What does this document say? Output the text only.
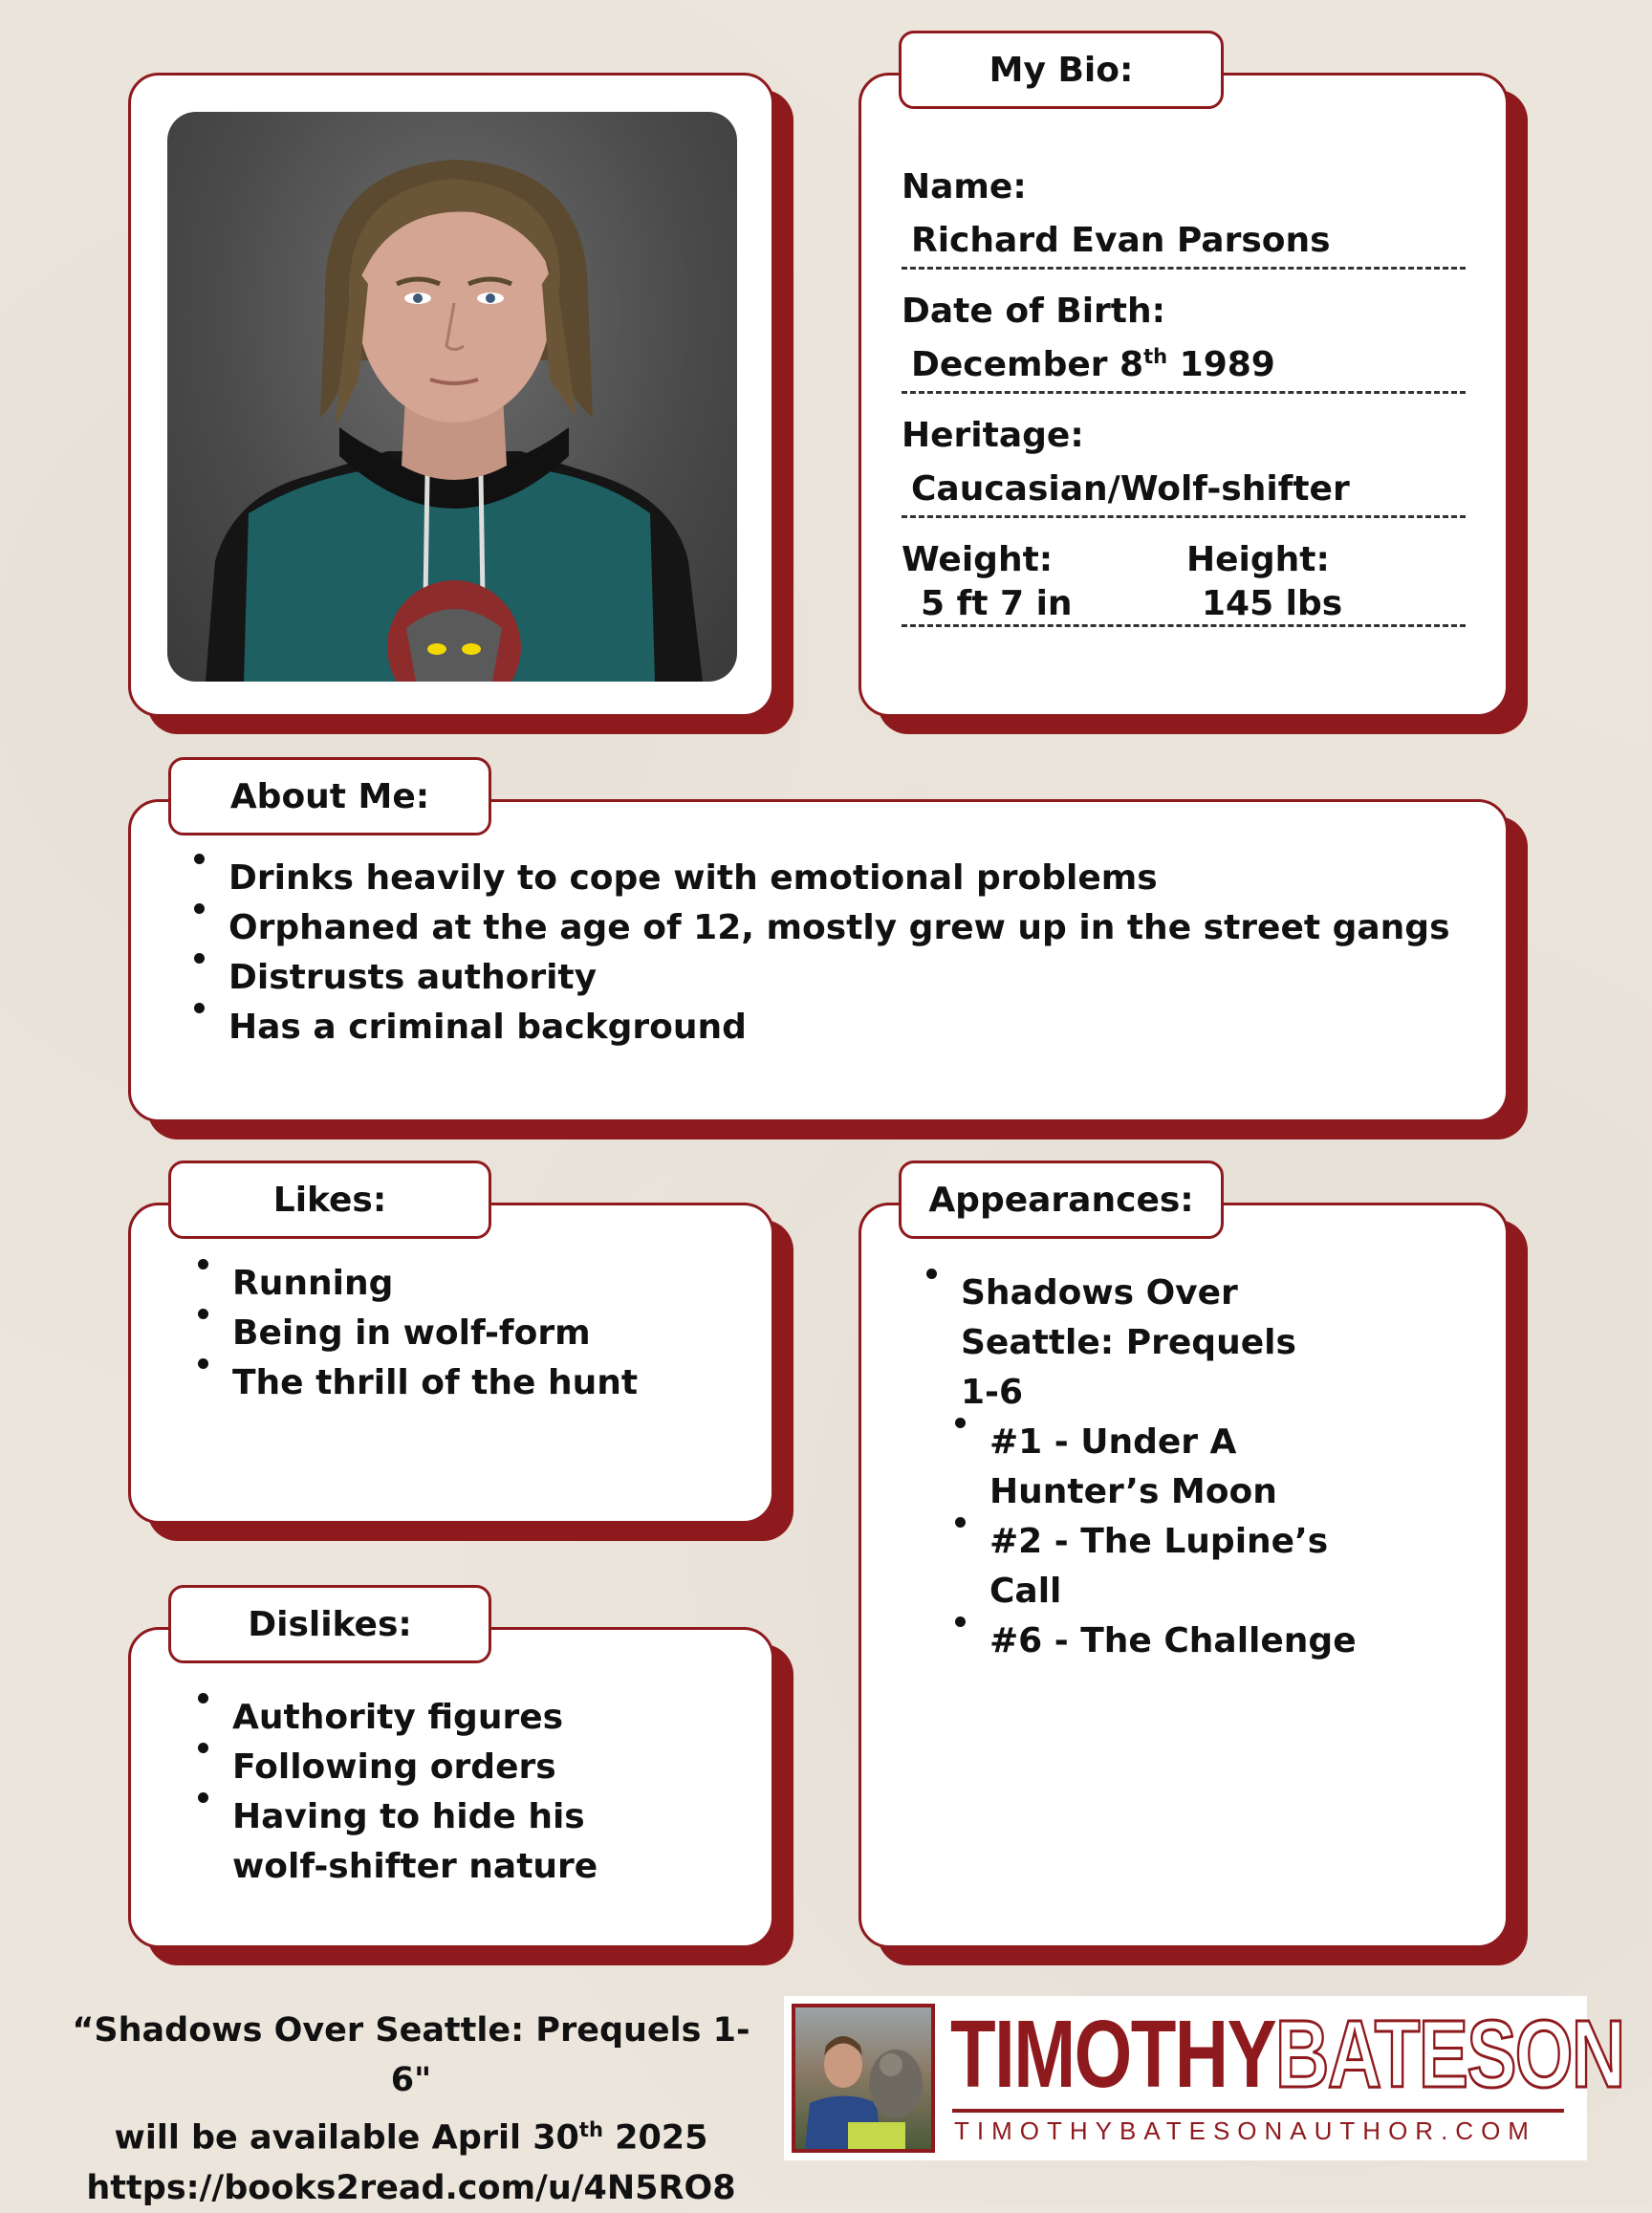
My Bio:
Name:
Richard Evan Parsons
Date of Birth:
December 8th 1989
Heritage:
Caucasian/Wolf-shifter
Weight:	Height:
5 ft 7 in	145 lbs
About Me:
Drinks heavily to cope with emotional problems
Orphaned at the age of 12, mostly grew up in the street gangs
Distrusts authority
Has a criminal background
Likes:
Running
Being in wolf-form
The thrill of the hunt
Dislikes:
Authority figures
Following orders
Having to hide his wolf-shifter nature
Appearances:
Shadows Over Seattle: Prequels 1-6
#1 - Under A Hunter’s Moon
#2 - The Lupine’s Call
#6 - The Challenge
“Shadows Over Seattle: Prequels 1-6"
will be available April 30th 2025
https://books2read.com/u/4N5RO8
TIMOTHYBATESON
TIMOTHYBATESONAUTHOR.COM
